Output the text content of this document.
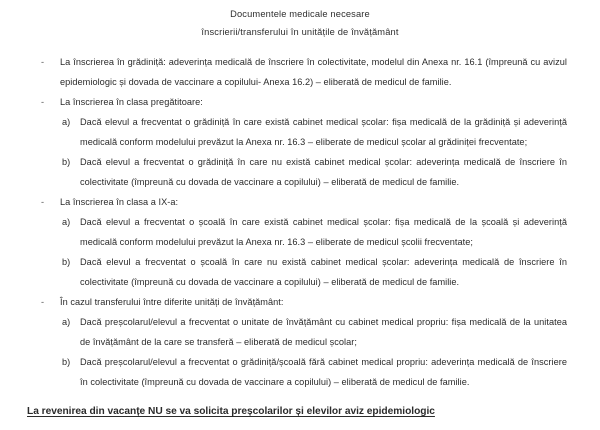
Documentele medicale necesare
înscrierii/transferului în unitățile de învățământ
- La înscrierea în grădiniță: adeverința medicală de înscriere în colectivitate, modelul din Anexa nr. 16.1 (împreună cu avizul epidemiologic și dovada de vaccinare a copilului- Anexa 16.2) – eliberată de medicul de familie.
- La înscrierea în clasa pregătitoare:
a) Dacă elevul a frecventat o grădiniță în care există cabinet medical școlar: fișa medicală de la grădiniță și adeverință medicală conform modelului prevăzut la Anexa nr. 16.3 – eliberate de medicul școlar al grădiniței frecventate;
b) Dacă elevul a frecventat o grădiniță în care nu există cabinet medical școlar: adeverința medicală de înscriere în colectivitate (împreună cu dovada de vaccinare a copilului) – eliberată de medicul de familie.
- La înscrierea în clasa a IX-a:
a) Dacă elevul a frecventat o școală în care există cabinet medical școlar: fișa medicală de la școală și adeverință medicală conform modelului prevăzut la Anexa nr. 16.3 – eliberate de medicul școlii frecventate;
b) Dacă elevul a frecventat o școală în care nu există cabinet medical școlar: adeverința medicală de înscriere în colectivitate (împreună cu dovada de vaccinare a copilului) – eliberată de medicul de familie.
- În cazul transferului între diferite unități de învățământ:
a) Dacă preșcolarul/elevul a frecventat o unitate de învățământ cu cabinet medical propriu: fișa medicală de la unitatea de învățământ de la care se transferă – eliberată de medicul școlar;
b) Dacă preșcolarul/elevul a frecventat o grădiniță/școală fără cabinet medical propriu: adeverința medicală de înscriere în colectivitate (împreună cu dovada de vaccinare a copilului) – eliberată de medicul de familie.
La revenirea din vacanțe NU se va solicita preșcolarilor și elevilor aviz epidemiologic
